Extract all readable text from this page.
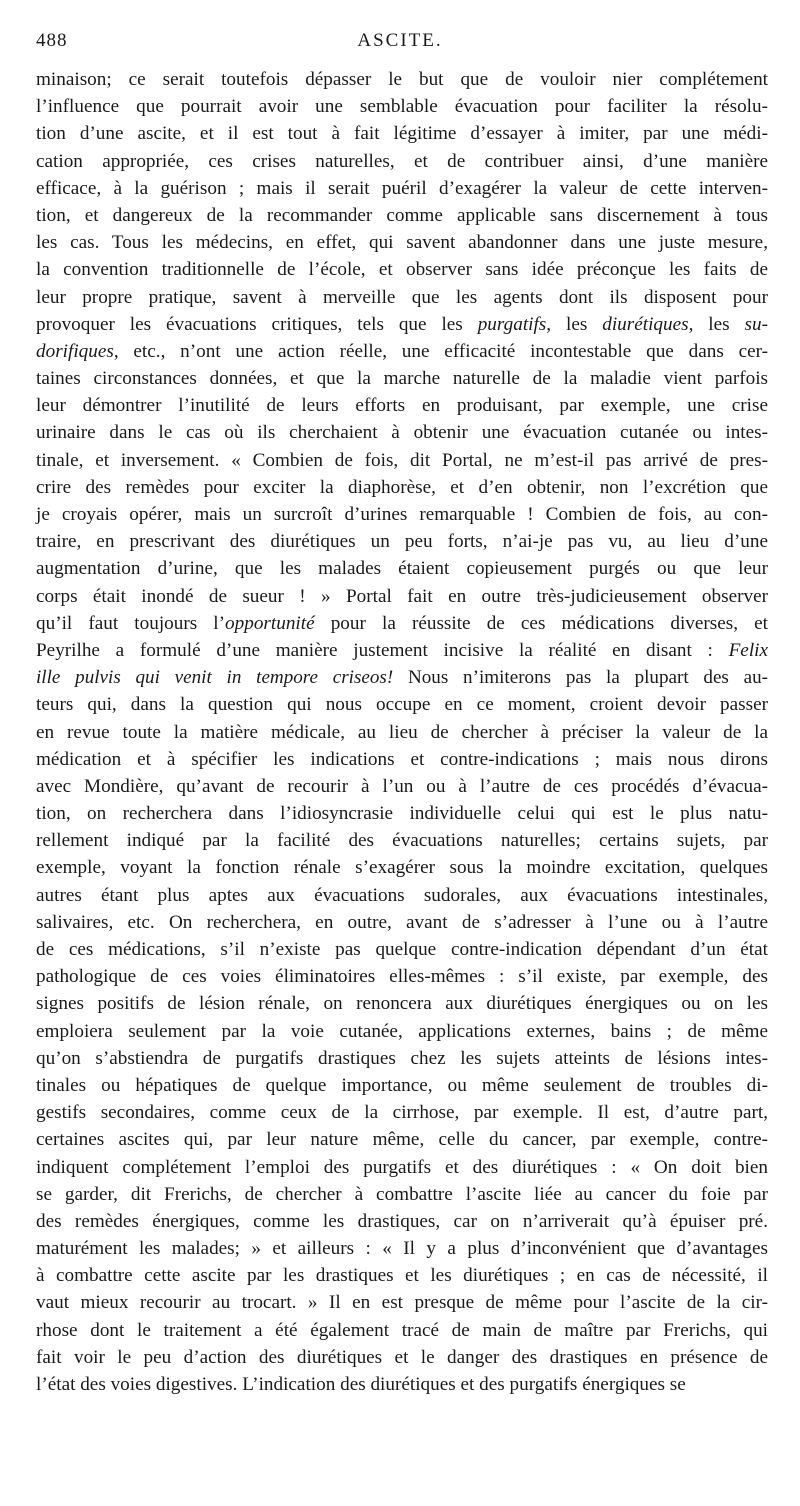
488	ASCITE.
minaison; ce serait toutefois dépasser le but que de vouloir nier complétement
l’influence que pourrait avoir une semblable évacuation pour faciliter la résolu-
tion d’une ascite, et il est tout à fait légitime d’essayer à imiter, par une médi-
cation appropriée, ces crises naturelles, et de contribuer ainsi, d’une manière
efficace, à la guérison ; mais il serait puéril d’exagérer la valeur de cette interven-
tion, et dangereux de la recommander comme applicable sans discernement à tous
les cas. Tous les médecins, en effet, qui savent abandonner dans une juste mesure,
la convention traditionnelle de l’école, et observer sans idée préconçue les faits de
leur propre pratique, savent à merveille que les agents dont ils disposent pour
provoquer les évacuations critiques, tels que les purgatifs, les diurétiques, les su-
dorifiques, etc., n’ont une action réelle, une efficacité incontestable que dans cer-
taines circonstances données, et que la marche naturelle de la maladie vient parfois
leur démontrer l’inutilité de leurs efforts en produisant, par exemple, une crise
urinaire dans le cas où ils cherchaient à obtenir une évacuation cutanée ou intes-
tinale, et inversement. « Combien de fois, dit Portal, ne m’est-il pas arrivé de pres-
crire des remèdes pour exciter la diaphorèse, et d’en obtenir, non l’excrétion que
je croyais opérer, mais un surcroît d’urines remarquable ! Combien de fois, au con-
traire, en prescrivant des diurétiques un peu forts, n’ai-je pas vu, au lieu d’une
augmentation d’urine, que les malades étaient copieusement purgés ou que leur
corps était inondé de sueur ! » Portal fait en outre très-judicieusement observer
qu’il faut toujours l’opportunité pour la réussite de ces médications diverses, et
Peyrilhe a formulé d’une manière justement incisive la réalité en disant : Felix
ille pulvis qui venit in tempore criseos! Nous n’imiterons pas la plupart des au-
teurs qui, dans la question qui nous occupe en ce moment, croient devoir passer
en revue toute la matière médicale, au lieu de chercher à préciser la valeur de la
médication et à spécifier les indications et contre-indications ; mais nous dirons
avec Mondière, qu’avant de recourir à l’un ou à l’autre de ces procédés d’évacua-
tion, on recherchera dans l’idiosyncrasie individuelle celui qui est le plus natu-
rellement indiqué par la facilité des évacuations naturelles; certains sujets, par
exemple, voyant la fonction rénale s’exagérer sous la moindre excitation, quelques
autres étant plus aptes aux évacuations sudorales, aux évacuations intestinales,
salivaires, etc. On recherchera, en outre, avant de s’adresser à l’une ou à l’autre
de ces médications, s’il n’existe pas quelque contre-indication dépendant d’un état
pathologique de ces voies éliminatoires elles-mêmes : s’il existe, par exemple, des
signes positifs de lésion rénale, on renoncera aux diurétiques énergiques ou on les
emploiera seulement par la voie cutanée, applications externes, bains ; de même
qu’on s’abstiendra de purgatifs drastiques chez les sujets atteints de lésions intes-
tinales ou hépatiques de quelque importance, ou même seulement de troubles di-
gestifs secondaires, comme ceux de la cirrhose, par exemple. Il est, d’autre part,
certaines ascites qui, par leur nature même, celle du cancer, par exemple, contre-
indiquent complétement l’emploi des purgatifs et des diurétiques : « On doit bien
se garder, dit Frerichs, de chercher à combattre l’ascite liée au cancer du foie par
des remèdes énergiques, comme les drastiques, car on n’arriverait qu’à épuiser pré.
maturément les malades; » et ailleurs : « Il y a plus d’inconvénient que d’avantages
à combattre cette ascite par les drastiques et les diurétiques ; en cas de nécessité, il
vaut mieux recourir au trocart. » Il en est presque de même pour l’ascite de la cir-
rhose dont le traitement a été également tracé de main de maître par Frerichs, qui
fait voir le peu d’action des diurétiques et le danger des drastiques en présence de
l’état des voies digestives. L’indication des diurétiques et des purgatifs énergiques se
